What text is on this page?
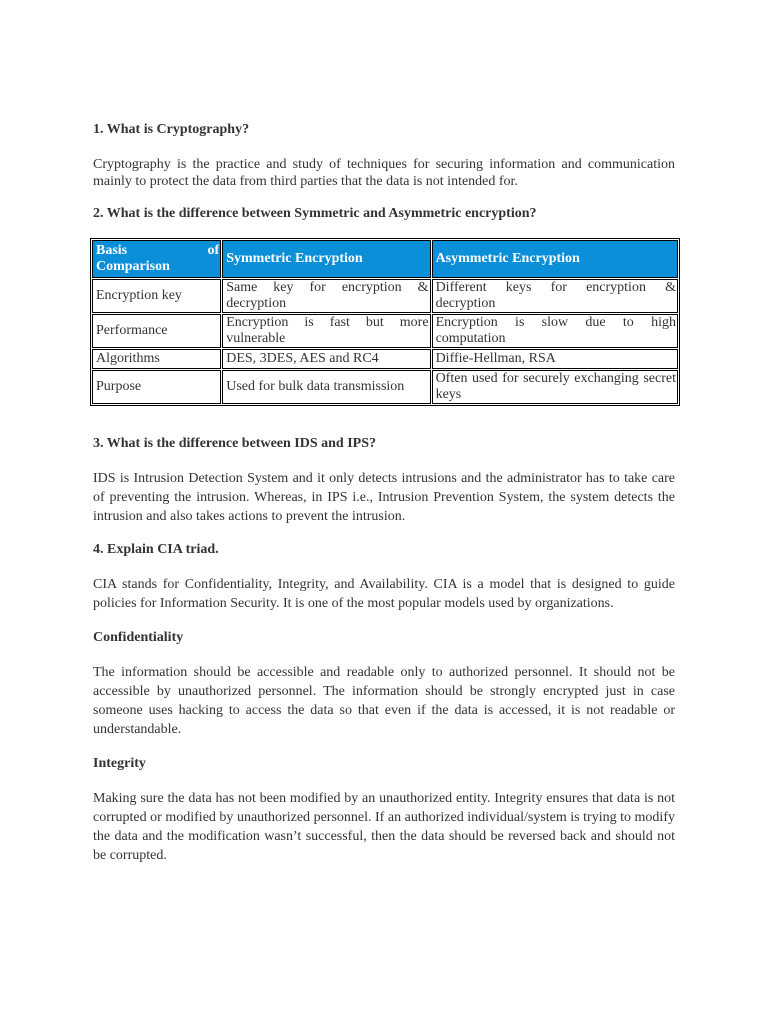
1. What is Cryptography?

Cryptography is the practice and study of techniques for securing information and communication mainly to protect the data from third parties that the data is not intended for.

2. What is the difference between Symmetric and Asymmetric encryption?
Basis of
Comparison	Symmetric Encryption	Asymmetric Encryption
Encryption key	Same key for encryption & decryption	Different keys for encryption & decryption
Performance	Encryption is fast but more vulnerable	Encryption is slow due to high computation
Algorithms	DES, 3DES, AES and RC4	Diffie-Hellman, RSA
Purpose	Used for bulk data transmission	Often used for securely exchanging secret keys
3. What is the difference between IDS and IPS?

IDS is Intrusion Detection System and it only detects intrusions and the administrator has to take care of preventing the intrusion. Whereas, in IPS i.e., Intrusion Prevention System, the system detects the intrusion and also takes actions to prevent the intrusion.

4. Explain CIA triad.

CIA stands for Confidentiality, Integrity, and Availability. CIA is a model that is designed to guide policies for Information Security. It is one of the most popular models used by organizations.

Confidentiality

The information should be accessible and readable only to authorized personnel. It should not be accessible by unauthorized personnel. The information should be strongly encrypted just in case someone uses hacking to access the data so that even if the data is accessed, it is not readable or understandable.

Integrity

Making sure the data has not been modified by an unauthorized entity. Integrity ensures that data is not corrupted or modified by unauthorized personnel. If an authorized individual/system is trying to modify the data and the modification wasn’t successful, then the data should be reversed back and should not be corrupted.
